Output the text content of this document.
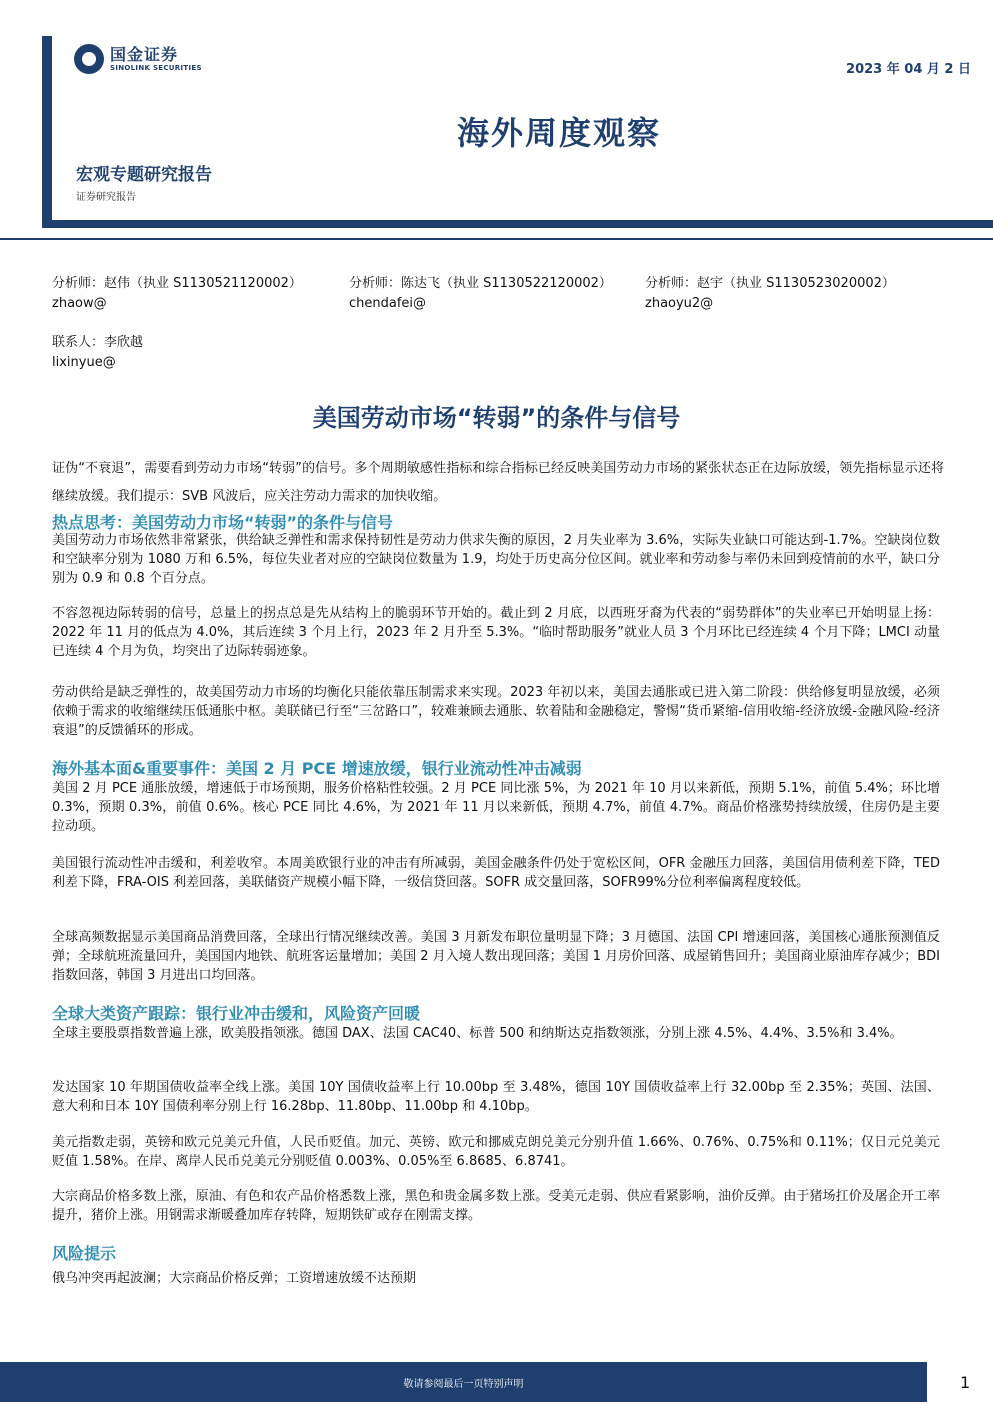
国金证券
SINOLINK SECURITIES	2023 年 04 月 2 日
海外周度观察
宏观专题研究报告
证券研究报告
分析师：赵伟（执业 S1130521120002）
zhaow@
分析师：陈达飞（执业 S1130522120002）
chendafei@
分析师：赵宇（执业 S1130523020002）
zhaoyu2@
联系人：李欣越
lixinyue@
美国劳动市场“转弱”的条件与信号
证伪“不衰退”，需要看到劳动力市场“转弱”的信号。多个周期敏感性指标和综合指标已经反映美国劳动力市场的紧张状态正在边际放缓，领先指标显示还将继续放缓。我们提示：SVB 风波后，应关注劳动力需求的加快收缩。
热点思考：美国劳动力市场“转弱”的条件与信号
美国劳动力市场依然非常紧张，供给缺乏弹性和需求保持韧性是劳动力供求失衡的原因，2 月失业率为 3.6%，实际失业缺口可能达到-1.7%。空缺岗位数和空缺率分别为 1080 万和 6.5%，每位失业者对应的空缺岗位数量为 1.9，均处于历史高分位区间。就业率和劳动参与率仍未回到疫情前的水平，缺口分别为 0.9 和 0.8 个百分点。
不容忽视边际转弱的信号，总量上的拐点总是先从结构上的脆弱环节开始的。截止到 2 月底，以西班牙裔为代表的“弱势群体”的失业率已开始明显上扬：2022 年 11 月的低点为 4.0%，其后连续 3 个月上行，2023 年 2 月升至 5.3%。“临时帮助服务”就业人员 3 个月环比已经连续 4 个月下降；LMCI 动量已连续 4 个月为负，均突出了边际转弱迹象。
劳动供给是缺乏弹性的，故美国劳动力市场的均衡化只能依靠压制需求来实现。2023 年初以来，美国去通胀或已进入第二阶段：供给修复明显放缓，必须依赖于需求的收缩继续压低通胀中枢。美联储已行至“三岔路口”，较难兼顾去通胀、软着陆和金融稳定，警惕“货币紧缩-信用收缩-经济放缓-金融风险-经济衰退”的反馈循环的形成。
海外基本面&重要事件：美国 2 月 PCE 增速放缓，银行业流动性冲击减弱
美国 2 月 PCE 通胀放缓，增速低于市场预期，服务价格粘性较强。2 月 PCE 同比涨 5%，为 2021 年 10 月以来新低，预期 5.1%，前值 5.4%；环比增 0.3%，预期 0.3%，前值 0.6%。核心 PCE 同比 4.6%，为 2021 年 11 月以来新低，预期 4.7%，前值 4.7%。商品价格涨势持续放缓，住房仍是主要拉动项。
美国银行流动性冲击缓和，利差收窄。本周美欧银行业的冲击有所减弱，美国金融条件仍处于宽松区间，OFR 金融压力回落，美国信用债利差下降，TED 利差下降，FRA-OIS 利差回落，美联储资产规模小幅下降，一级信贷回落。SOFR 成交量回落，SOFR99%分位利率偏离程度较低。
全球高频数据显示美国商品消费回落，全球出行情况继续改善。美国 3 月新发布职位量明显下降；3 月德国、法国 CPI 增速回落，美国核心通胀预测值反弹；全球航班流量回升，美国国内地铁、航班客运量增加；美国 2 月入境人数出现回落；美国 1 月房价回落、成屋销售回升；美国商业原油库存减少；BDI 指数回落，韩国 3 月进出口均回落。
全球大类资产跟踪：银行业冲击缓和，风险资产回暖
全球主要股票指数普遍上涨，欧美股指领涨。德国 DAX、法国 CAC40、标普 500 和纳斯达克指数领涨，分别上涨 4.5%、4.4%、3.5%和 3.4%。
发达国家 10 年期国债收益率全线上涨。美国 10Y 国债收益率上行 10.00bp 至 3.48%，德国 10Y 国债收益率上行 32.00bp 至 2.35%；英国、法国、意大利和日本 10Y 国债利率分别上行 16.28bp、11.80bp、11.00bp 和 4.10bp。
美元指数走弱，英镑和欧元兑美元升值，人民币贬值。加元、英镑、欧元和挪威克朗兑美元分别升值 1.66%、0.76%、0.75%和 0.11%；仅日元兑美元贬值 1.58%。在岸、离岸人民币兑美元分别贬值 0.003%、0.05%至 6.8685、6.8741。
大宗商品价格多数上涨，原油、有色和农产品价格悉数上涨，黑色和贵金属多数上涨。受美元走弱、供应看紧影响，油价反弹。由于猪场扛价及屠企开工率提升，猪价上涨。用钢需求渐暖叠加库存转降，短期铁矿或存在刚需支撑。
风险提示
俄乌冲突再起波澜；大宗商品价格反弹；工资增速放缓不达预期
敬请参阅最后一页特别声明	1
